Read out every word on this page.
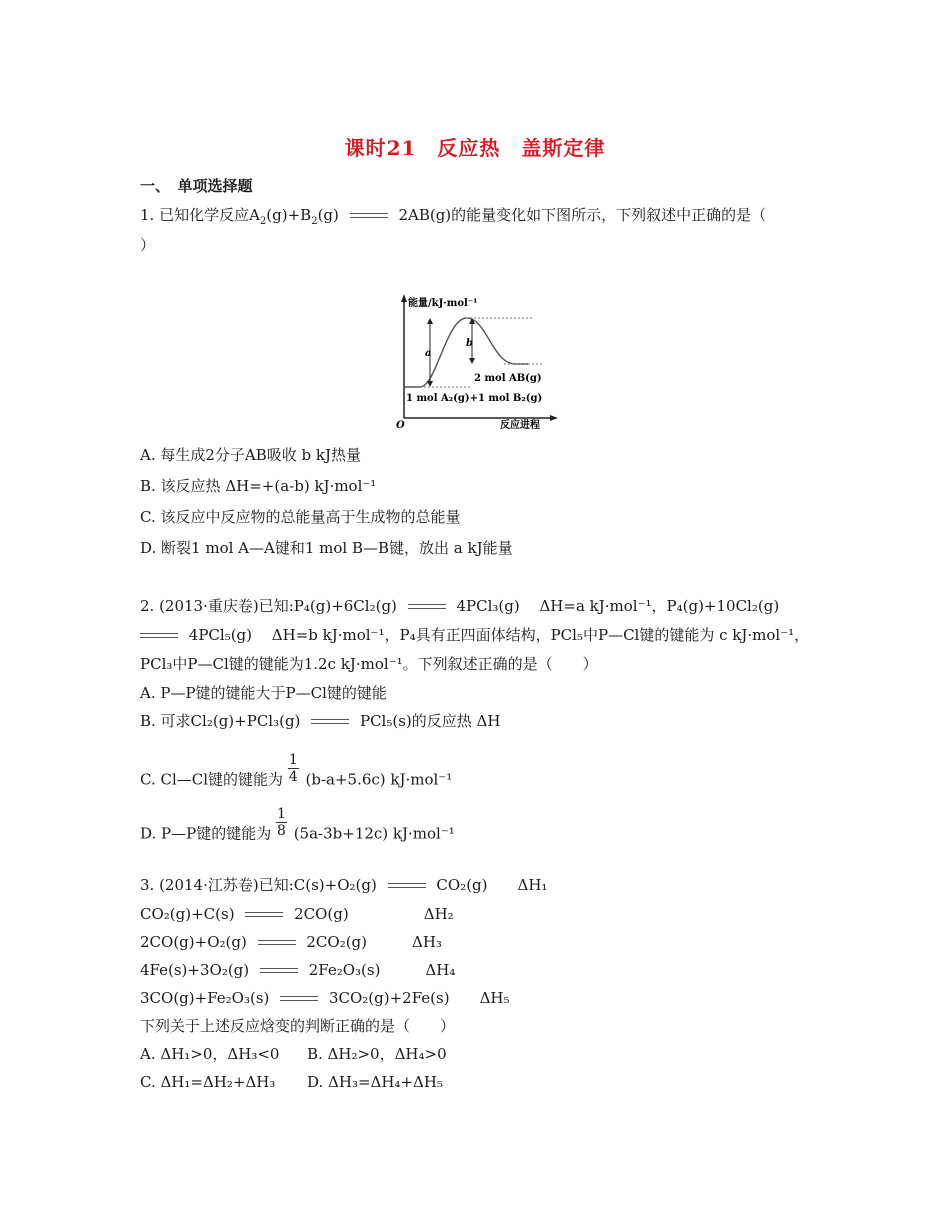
课时21　反应热　盖斯定律
一、　单项选择题
1. 已知化学反应$A_2(g)+B_2(g)$	2AB(g)的能量变化如下图所示，下列叙述中正确的是（
）
能量/kJ·mol⁻¹
a
b
2 mol AB(g)
1 mol A₂(g)+1 mol B₂(g)
O	反应进程
A. 每生成2分子AB吸收 b kJ热量
B. 该反应热 ΔH=+(a-b) kJ·mol⁻¹
C. 该反应中反应物的总能量高于生成物的总能量
D. 断裂1 mol A—A键和1 mol B—B键，放出 a kJ能量
2. (2013·重庆卷)已知:P₄(g)+6Cl₂(g)	4PCl₃(g)　 ΔH=a kJ·mol⁻¹，P₄(g)+10Cl₂(g)
4PCl₅(g)　 ΔH=b kJ·mol⁻¹，P₄具有正四面体结构，PCl₅中P—Cl键的键能为 c kJ·mol⁻¹，
PCl₃中P—Cl键的键能为1.2c kJ·mol⁻¹。下列叙述正确的是（　　）
A. P—P键的键能大于P—Cl键的键能
B. 可求Cl₂(g)+PCl₃(g)	PCl₅(s)的反应热 ΔH
C. Cl—Cl键的键能为 $\frac{1}{4} (b-a+5.6c)$ kJ·mol⁻¹
D. P—P键的键能为 $\frac{1}{8} (5a-3b+12c)$ kJ·mol⁻¹
3. (2014·江苏卷)已知:C(s)+O₂(g)	CO₂(g)　　ΔH₁
CO₂(g)+C(s)	2CO(g)　　　　　ΔH₂
2CO(g)+O₂(g)	2CO₂(g)　　　ΔH₃
4Fe(s)+3O₂(g)	2Fe₂O₃(s)　　　ΔH₄
3CO(g)+Fe₂O₃(s)	3CO₂(g)+2Fe(s)　　ΔH₅
下列关于上述反应焓变的判断正确的是（　　）
A. ΔH₁>0，ΔH₃<0 B. ΔH₂>0，ΔH₄>0
C. ΔH₁=ΔH₂+ΔH₃ D. ΔH₃=ΔH₄+ΔH₅
